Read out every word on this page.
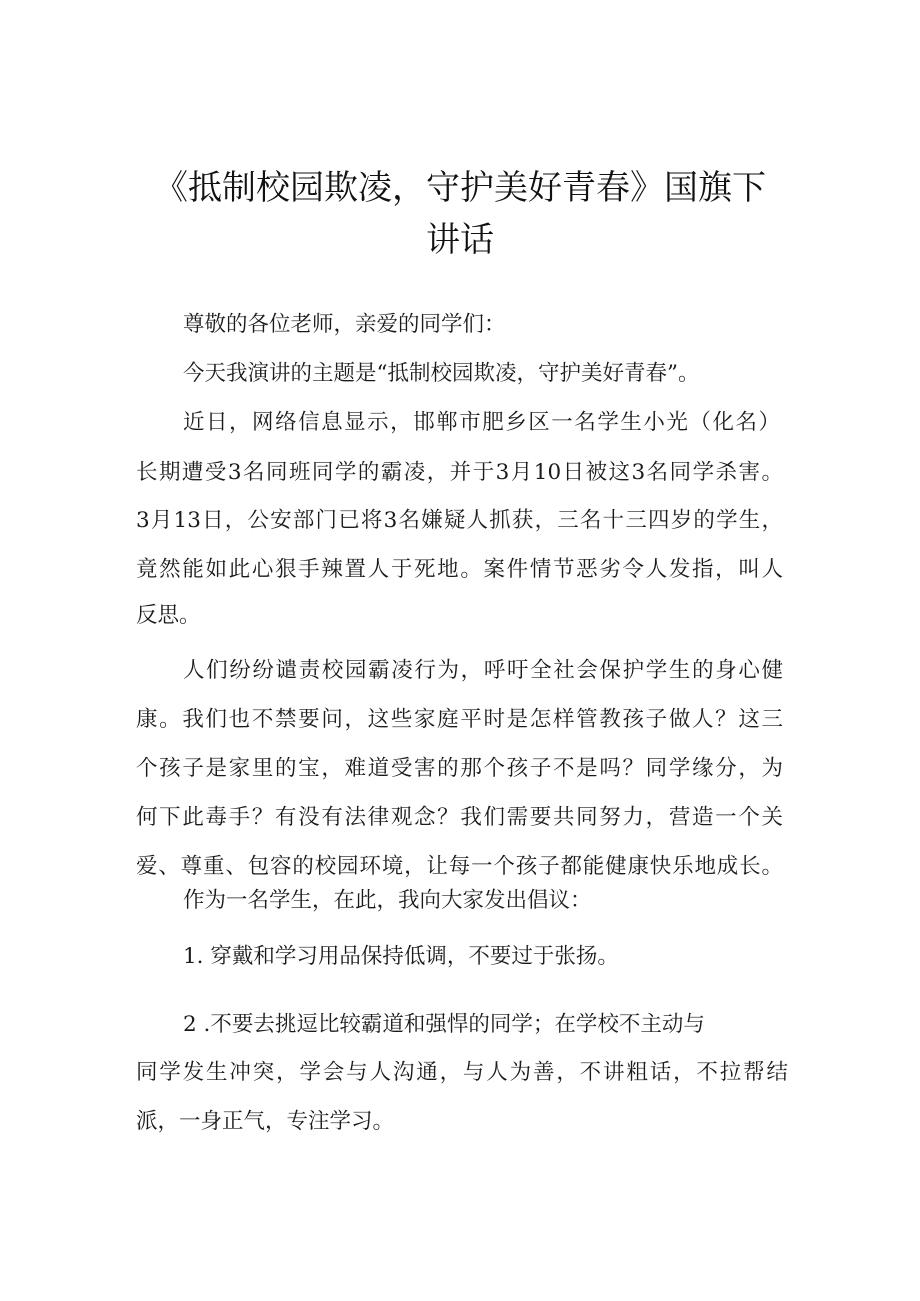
《抵制校园欺凌，守护美好青春》国旗下
讲话
尊敬的各位老师，亲爱的同学们：
今天我演讲的主题是“抵制校园欺凌，守护美好青春”。
近日，网络信息显示，邯郸市肥乡区一名学生小光（化名）
长期遭受3名同班同学的霸凌，并于3月10日被这3名同学杀害。
3月13日，公安部门已将3名嫌疑人抓获，三名十三四岁的学生，
竟然能如此心狠手辣置人于死地。案件情节恶劣令人发指，叫人
反思。
人们纷纷谴责校园霸凌行为，呼吁全社会保护学生的身心健
康。我们也不禁要问，这些家庭平时是怎样管教孩子做人？这三
个孩子是家里的宝，难道受害的那个孩子不是吗？同学缘分，为
何下此毒手？有没有法律观念？我们需要共同努力，营造一个关
爱、尊重、包容的校园环境，让每一个孩子都能健康快乐地成长。
作为一名学生，在此，我向大家发出倡议：
1. 穿戴和学习用品保持低调，不要过于张扬。
2 .不要去挑逗比较霸道和强悍的同学；在学校不主动与
同学发生冲突，学会与人沟通，与人为善，不讲粗话，不拉帮结
派，一身正气，专注学习。
